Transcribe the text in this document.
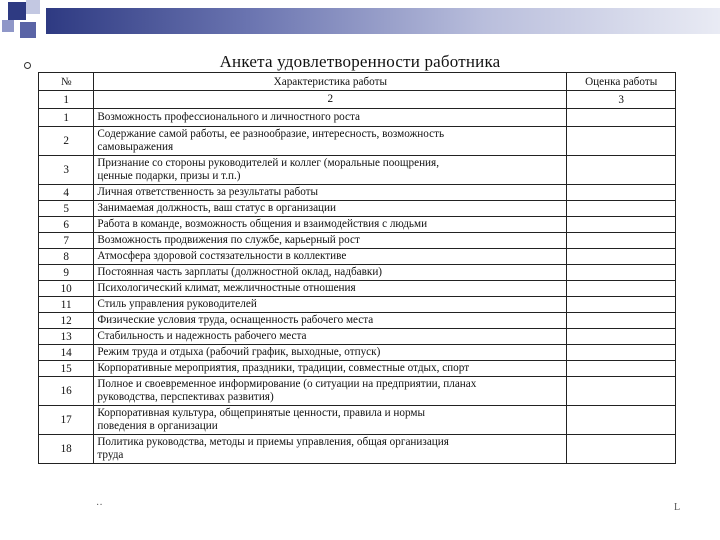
Анкета удовлетворенности работника
№	Характеристика работы	Оценка работы
1	2	3
1	Возможность профессионального и личностного роста	
2	Содержание самой работы, ее разнообразие, интересность, возможность
самовыражения	
3	Признание со стороны руководителей и коллег (моральные поощрения,
ценные подарки, призы и т.п.)	
4	Личная ответственность за результаты работы	
5	Занимаемая должность, ваш статус в организации	
6	Работа в команде, возможность общения и взаимодействия с людьми	
7	Возможность продвижения по службе, карьерный рост	
8	Атмосфера здоровой состязательности в коллективе	
9	Постоянная часть зарплаты (должностной оклад, надбавки)	
10	Психологический климат, межличностные отношения	
11	Стиль управления руководителей	
12	Физические условия труда, оснащенность рабочего места	
13	Стабильность и надежность рабочего места	
14	Режим труда и отдыха (рабочий график, выходные, отпуск)	
15	Корпоративные мероприятия, праздники, традиции, совместные отдых, спорт	
16	Полное и своевременное информирование (о ситуации на предприятии, планах
руководства, перспективах развития)	
17	Корпоративная культура, общепринятые ценности, правила и нормы
поведения в организации	
18	Политика руководства, методы и приемы управления, общая организация
труда	
··	L
